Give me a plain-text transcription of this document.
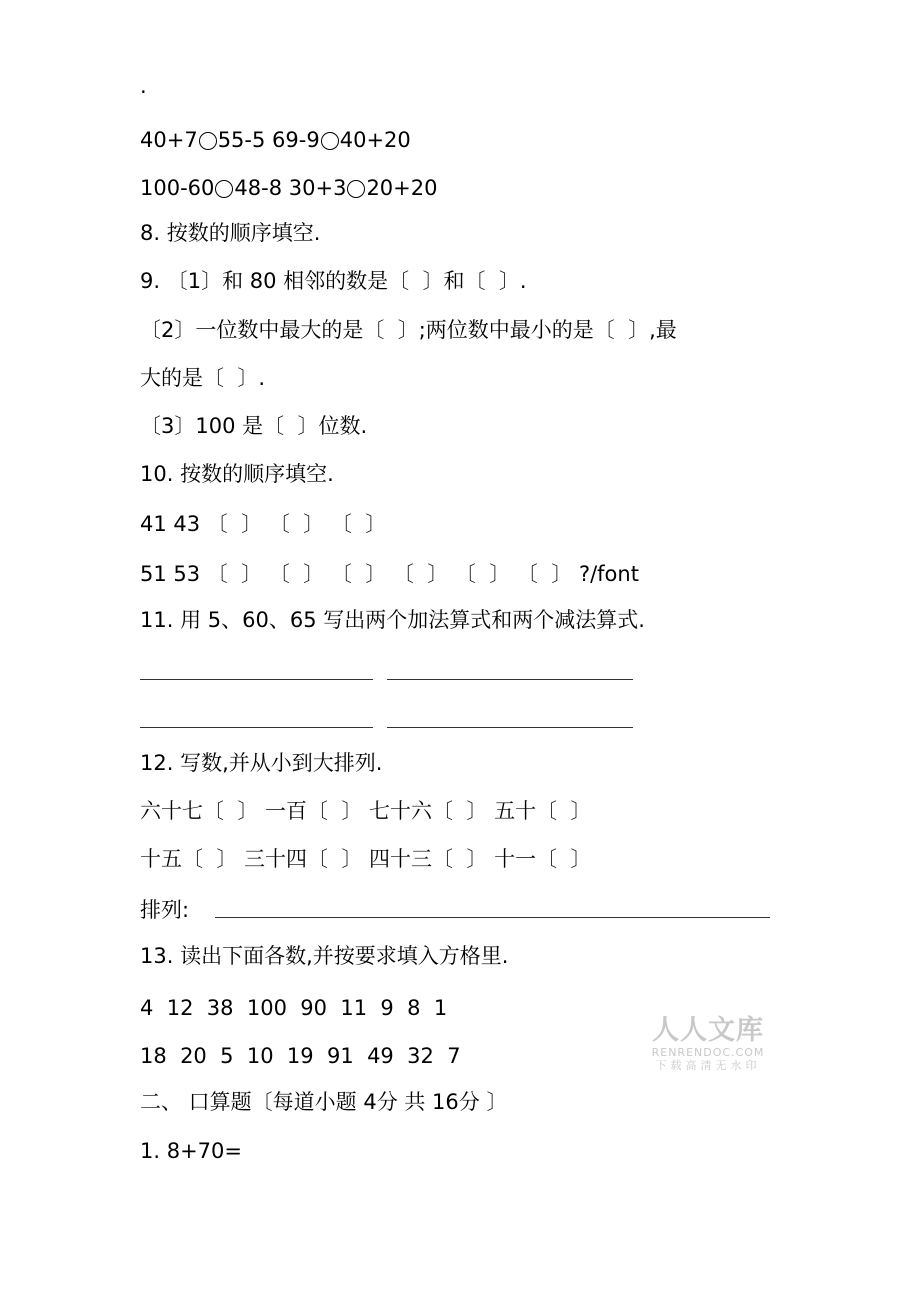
.
40+7 55-5 69-9 40+20
100-60 48-8 30+3 20+20
8. 按数的顺序填空.
9. 〔1〕和 80 相邻的数是〔  〕和〔  〕.
〔2〕一位数中最大的是〔  〕;两位数中最小的是〔  〕,最
大的是〔  〕.
〔3〕100 是〔  〕位数.
10. 按数的顺序填空.
41 43 〔  〕 〔  〕 〔  〕
51 53 〔  〕 〔  〕 〔  〕 〔  〕 〔  〕 〔  〕 ?/font
11. 用 5、60、65 写出两个加法算式和两个减法算式.
12. 写数,并从小到大排列.
六十七〔  〕 一百〔  〕 七十六〔  〕 五十〔  〕
十五〔  〕 三十四〔  〕 四十三〔  〕 十一〔  〕
排列:
13. 读出下面各数,并按要求填入方格里.
4  12  38  100  90  11  9  8  1
18  20  5  10  19  91  49  32  7
二、 口算题〔每道小题 4分 共 16分 〕
1. 8+70=
人人文库
RENRENDOC.COM
下载高清无水印
